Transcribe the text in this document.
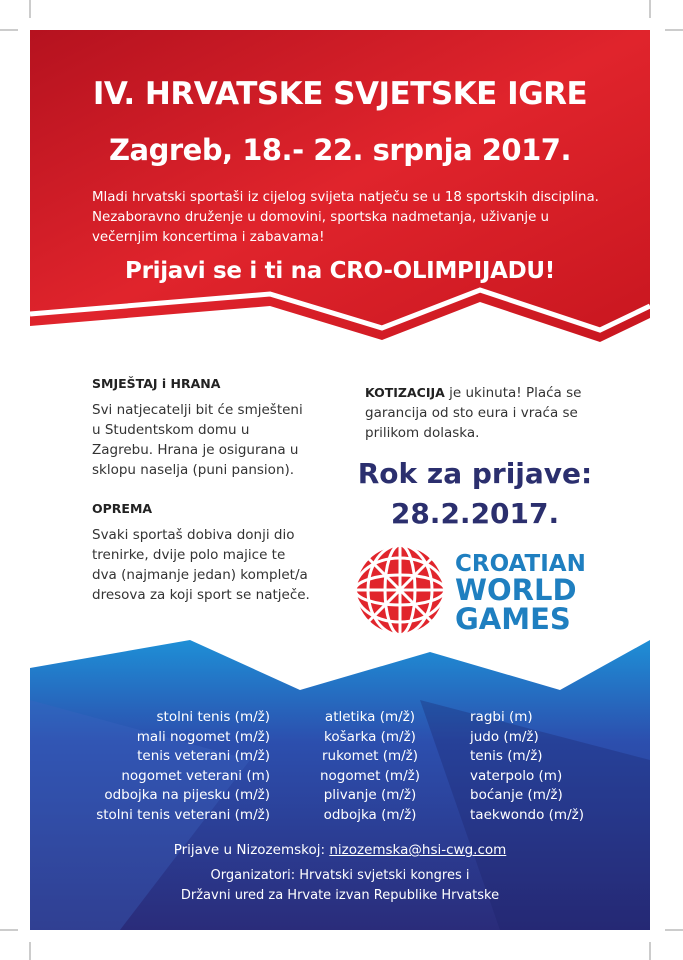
IV. HRVATSKE SVJETSKE IGRE
Zagreb, 18.- 22. srpnja 2017.
Mladi hrvatski sportaši iz cijelog svijeta natječu se u 18 sportskih disciplina.
Nezaboravno druženje u domovini, sportska nadmetanja, uživanje u
večernjim koncertima i zabavama!
Prijavi se i ti na CRO-OLIMPIJADU!
SMJEŠTAJ i HRANA
Svi natjecatelji bit će smješteni
u Studentskom domu u
Zagrebu. Hrana je osigurana u
sklopu naselja (puni pansion).
OPREMA
Svaki sportaš dobiva donji dio
trenirke, dvije polo majice te
dva (najmanje jedan) komplet/a
dresova za koji sport se natječe.
KOTIZACIJA je ukinuta! Plaća se
garancija od sto eura i vraća se
prilikom dolaska.
Rok za prijave:
28.2.2017.
CROATIAN
WORLD
GAMES
stolni tenis (m/ž)
mali nogomet (m/ž)
tenis veterani (m/ž)
nogomet veterani (m)
odbojka na pijesku (m/ž)
stolni tenis veterani (m/ž)
atletika (m/ž)
košarka (m/ž)
rukomet (m/ž)
nogomet (m/ž)
plivanje (m/ž)
odbojka (m/ž)
ragbi (m)
judo (m/ž)
tenis (m/ž)
vaterpolo (m)
boćanje (m/ž)
taekwondo (m/ž)
Prijave u Nizozemskoj: nizozemska@hsi-cwg.com
Organizatori: Hrvatski svjetski kongres i
Državni ured za Hrvate izvan Republike Hrvatske
